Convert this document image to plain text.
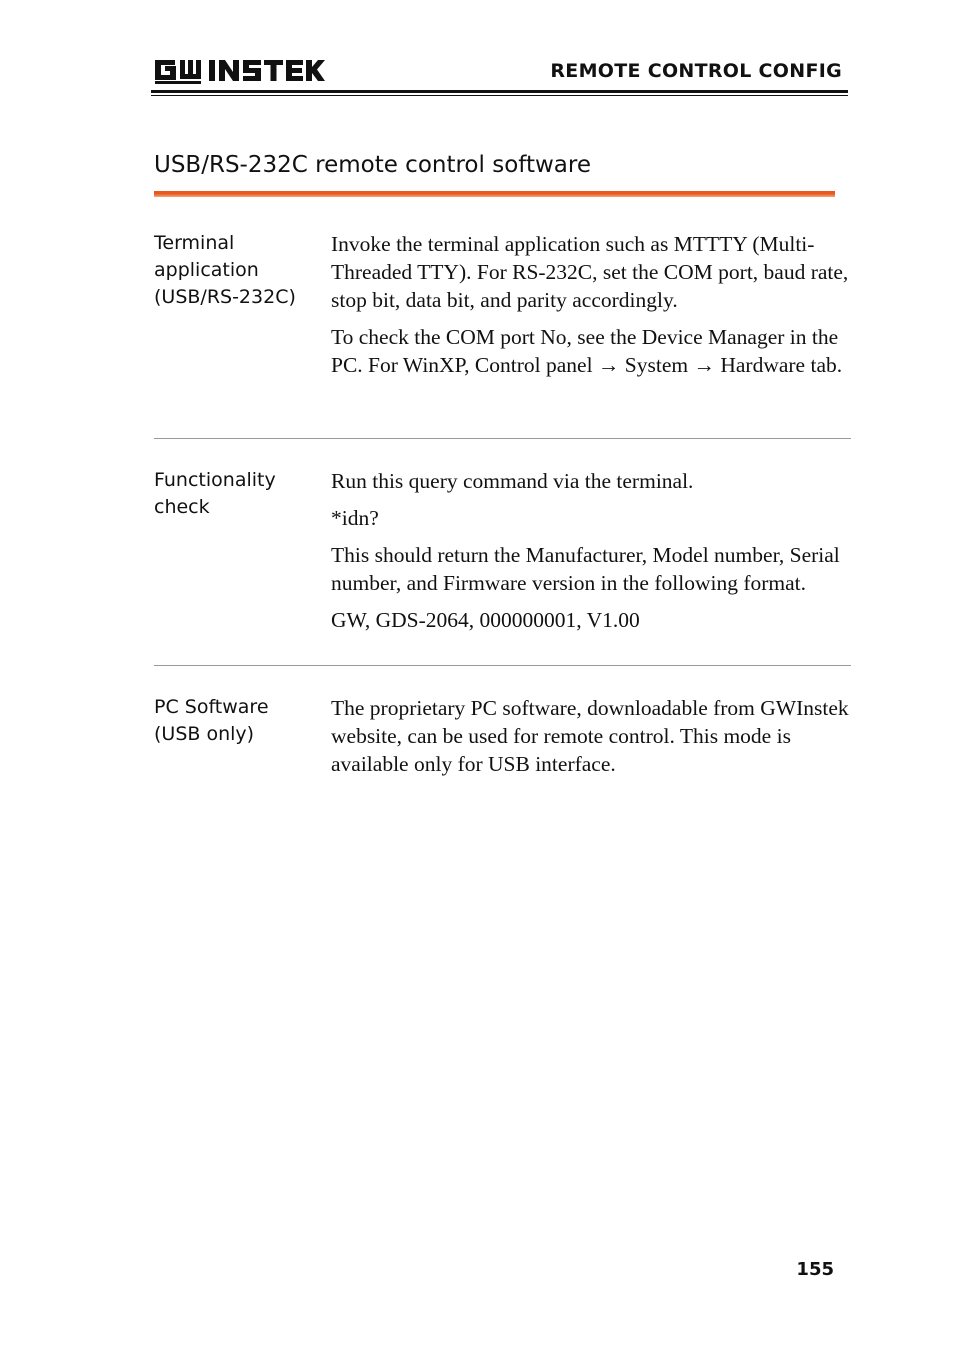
REMOTE CONTROL CONFIG
USB/RS-232C remote control software
Terminal application (USB/RS-232C)

Invoke the terminal application such as MTTTY (Multi-Threaded TTY). For RS-232C, set the COM port, baud rate, stop bit, data bit, and parity accordingly.

To check the COM port No, see the Device Manager in the PC. For WinXP, Control panel → System → Hardware tab.

Functionality check

Run this query command via the terminal.

*idn?

This should return the Manufacturer, Model number, Serial number, and Firmware version in the following format.

GW, GDS-2064, 000000001, V1.00

PC Software (USB only)

The proprietary PC software, downloadable from GWInstek website, can be used for remote control. This mode is available only for USB interface.

155
